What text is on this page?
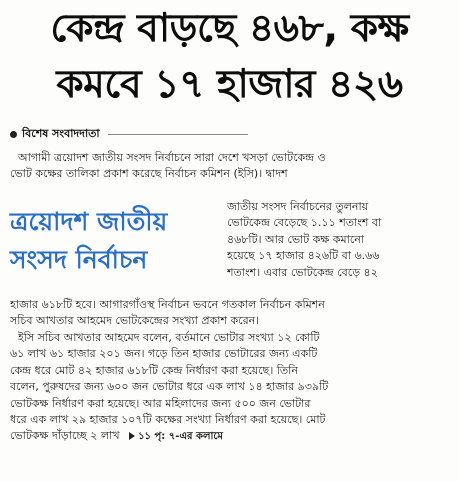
কেন্দ্র বাড়ছে ৪৬৮, কক্ষ
কমবে ১৭ হাজার ৪২৬
বিশেষ সংবাদদাতা
আগামী ত্রয়োদশ জাতীয় সংসদ নির্বাচনে সারা দেশে খসড়া ভোটকেন্দ্র ও
ভোট কক্ষের তালিকা প্রকাশ করেছে নির্বাচন কমিশন (ইসি)। দ্বাদশ
ত্রয়োদশ জাতীয়
সংসদ নির্বাচন
জাতীয় সংসদ নির্বাচনের তুলনায়
ভোটকেন্দ্র বেড়েছে ১.১১ শতাংশ বা
৪৬৮টি। আর ভোট কক্ষ কমানো
হয়েছে ১৭ হাজার ৪২৬টি বা ৬.৬৬
শতাংশ। এবার ভোটকেন্দ্র বেড়ে ৪২
হাজার ৬১৮টি হবে। আগারগাঁওস্থ নির্বাচন ভবনে গতকাল নির্বাচন কমিশন
সচিব আখতার আহমেদ ভোটকেন্দ্রের সংখ্যা প্রকাশ করেন।
ইসি সচিব আখতার আহমেদ বলেন, বর্তমানে ভোটার সংখ্যা ১২ কোটি
৬১ লাখ ৬১ হাজার ২০১ জন। গড়ে তিন হাজার ভোটারের জন্য একটি
কেন্দ্র ধরে মোট ৪২ হাজার ৬১৮টি কেন্দ্র নির্ধারণ করা হয়েছে। তিনি
বলেন, পুরুষদের জন্য ৬০০ জন ভোটার ধরে এক লাখ ১৪ হাজার ৯৩৯টি
ভোটকক্ষ নির্ধারণ করা হয়েছে। আর মহিলাদের জন্য ৫০০ জন ভোটার
ধরে এক লাখ ২৯ হাজার ১০৭টি কক্ষের সংখ্যা নির্ধারণ করা হয়েছে। মোট
ভোটকক্ষ দাঁড়াচ্ছে ২ লাখ ১১ পৃ: ৭-এর কলামে
